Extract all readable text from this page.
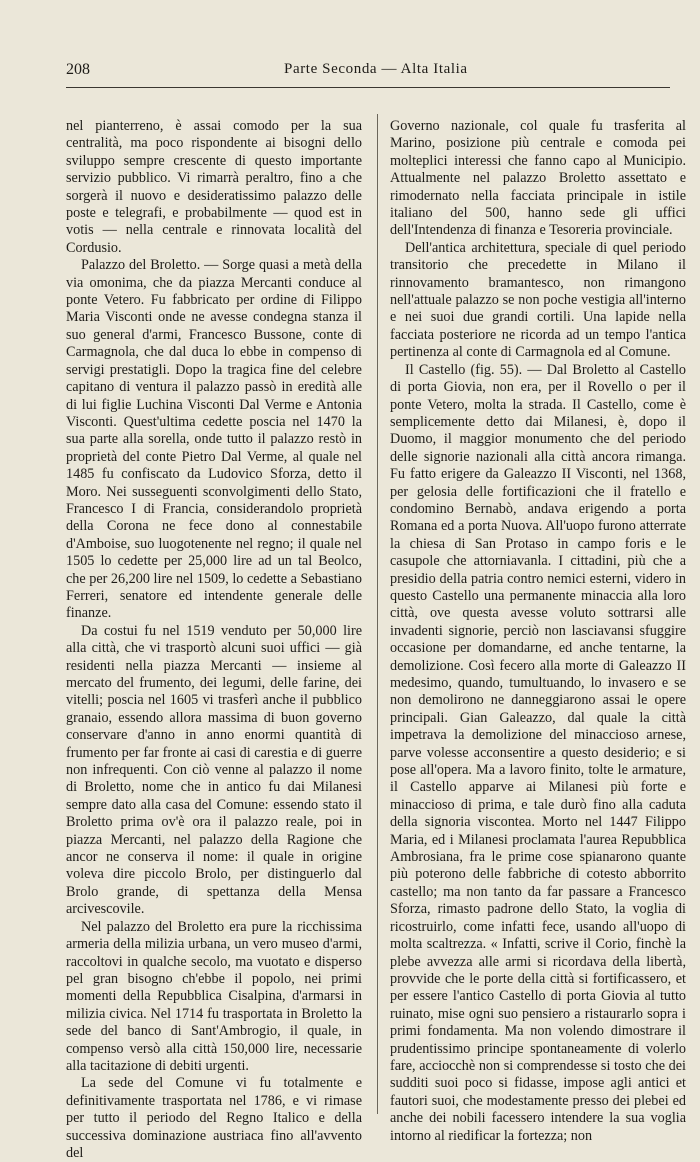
208	Parte Seconda — Alta Italia

nel pianterreno, è assai comodo per la sua centralità, ma poco rispondente ai bisogni dello sviluppo sempre crescente di questo importante servizio pubblico. Vi rimarrà peraltro, fino a che sorgerà il nuovo e desideratissimo palazzo delle poste e telegrafi, e probabilmente — quod est in votis — nella centrale e rinnovata località del Cordusio.

Palazzo del Broletto. — Sorge quasi a metà della via omonima, che da piazza Mercanti conduce al ponte Vetero. Fu fabbricato per ordine di Filippo Maria Visconti onde ne avesse condegna stanza il suo general d'armi, Francesco Bussone, conte di Carmagnola, che dal duca lo ebbe in compenso di servigi prestatigli. Dopo la tragica fine del celebre capitano di ventura il palazzo passò in eredità alle di lui figlie Luchina Visconti Dal Verme e Antonia Visconti. Quest'ultima cedette poscia nel 1470 la sua parte alla sorella, onde tutto il palazzo restò in proprietà del conte Pietro Dal Verme, al quale nel 1485 fu confiscato da Ludovico Sforza, detto il Moro. Nei susseguenti sconvolgimenti dello Stato, Francesco I di Francia, considerandolo proprietà della Corona ne fece dono al connestabile d'Amboise, suo luogotenente nel regno; il quale nel 1505 lo cedette per 25,000 lire ad un tal Beolco, che per 26,200 lire nel 1509, lo cedette a Sebastiano Ferreri, senatore ed intendente generale delle finanze.

Da costui fu nel 1519 venduto per 50,000 lire alla città, che vi trasportò alcuni suoi uffici — già residenti nella piazza Mercanti — insieme al mercato del frumento, dei legumi, delle farine, dei vitelli; poscia nel 1605 vi trasferì anche il pubblico granaio, essendo allora massima di buon governo conservare d'anno in anno enormi quantità di frumento per far fronte ai casi di carestia e di guerre non infrequenti. Con ciò venne al palazzo il nome di Broletto, nome che in antico fu dai Milanesi sempre dato alla casa del Comune: essendo stato il Broletto prima ov'è ora il palazzo reale, poi in piazza Mercanti, nel palazzo della Ragione che ancor ne conserva il nome: il quale in origine voleva dire piccolo Brolo, per distinguerlo dal Brolo grande, di spettanza della Mensa arcivescovile.

Nel palazzo del Broletto era pure la ricchissima armeria della milizia urbana, un vero museo d'armi, raccoltovi in qualche secolo, ma vuotato e disperso pel gran bisogno ch'ebbe il popolo, nei primi momenti della Repubblica Cisalpina, d'armarsi in milizia civica. Nel 1714 fu trasportata in Broletto la sede del banco di Sant'Ambrogio, il quale, in compenso versò alla città 150,000 lire, necessarie alla tacitazione di debiti urgenti.

La sede del Comune vi fu totalmente e definitivamente trasportata nel 1786, e vi rimase per tutto il periodo del Regno Italico e della successiva dominazione austriaca fino all'avvento del

Governo nazionale, col quale fu trasferita al Marino, posizione più centrale e comoda pei molteplici interessi che fanno capo al Municipio. Attualmente nel palazzo Broletto assettato e rimodernato nella facciata principale in istile italiano del 500, hanno sede gli uffici dell'Intendenza di finanza e Tesoreria provinciale.

Dell'antica architettura, speciale di quel periodo transitorio che precedette in Milano il rinnovamento bramantesco, non rimangono nell'attuale palazzo se non poche vestigia all'interno e nei suoi due grandi cortili. Una lapide nella facciata posteriore ne ricorda ad un tempo l'antica pertinenza al conte di Carmagnola ed al Comune.

Il Castello (fig. 55). — Dal Broletto al Castello di porta Giovia, non era, per il Rovello o per il ponte Vetero, molta la strada. Il Castello, come è semplicemente detto dai Milanesi, è, dopo il Duomo, il maggior monumento che del periodo delle signorie nazionali alla città ancora rimanga. Fu fatto erigere da Galeazzo II Visconti, nel 1368, per gelosia delle fortificazioni che il fratello e condomino Bernabò, andava erigendo a porta Romana ed a porta Nuova. All'uopo furono atterrate la chiesa di San Protaso in campo foris e le casupole che attorniavanla. I cittadini, più che a presidio della patria contro nemici esterni, videro in questo Castello una permanente minaccia alla loro città, ove questa avesse voluto sottrarsi alle invadenti signorie, perciò non lasciavansi sfuggire occasione per domandarne, ed anche tentarne, la demolizione. Così fecero alla morte di Galeazzo II medesimo, quando, tumultuando, lo invasero e se non demolirono ne danneggiarono assai le opere principali. Gian Galeazzo, dal quale la città impetrava la demolizione del minaccioso arnese, parve volesse acconsentire a questo desiderio; e si pose all'opera. Ma a lavoro finito, tolte le armature, il Castello apparve ai Milanesi più forte e minaccioso di prima, e tale durò fino alla caduta della signoria viscontea. Morto nel 1447 Filippo Maria, ed i Milanesi proclamata l'aurea Repubblica Ambrosiana, fra le prime cose spianarono quante più poterono delle fabbriche di cotesto abborrito castello; ma non tanto da far passare a Francesco Sforza, rimasto padrone dello Stato, la voglia di ricostruirlo, come infatti fece, usando all'uopo di molta scaltrezza. « Infatti, scrive il Corio, finchè la plebe avvezza alle armi si ricordava della libertà, provvide che le porte della città si fortificassero, et per essere l'antico Castello di porta Giovia al tutto ruinato, mise ogni suo pensiero a ristaurarlo sopra i primi fondamenta. Ma non volendo dimostrare il prudentissimo principe spontaneamente di volerlo fare, acciocchè non si comprendesse si tosto che dei sudditi suoi poco si fidasse, impose agli antici et fautori suoi, che modestamente presso dei plebei ed anche dei nobili facessero intendere la sua voglia intorno al riedificar la fortezza; non
